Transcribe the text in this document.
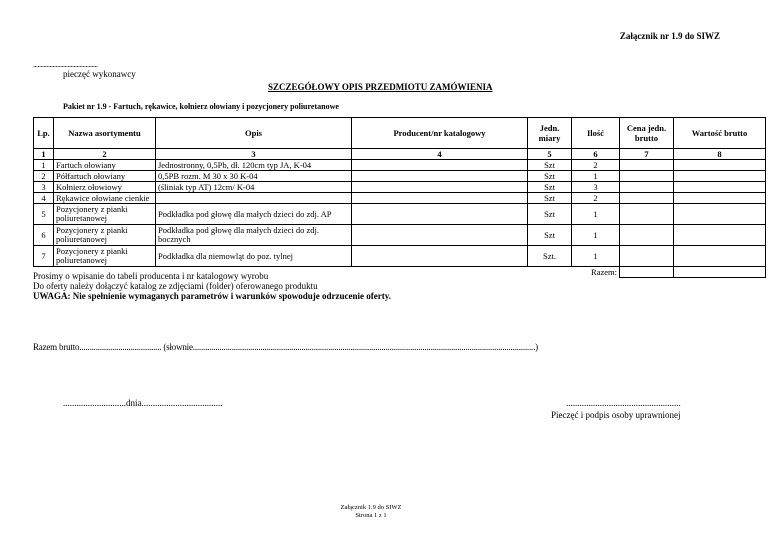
Załącznik nr 1.9 do SIWZ
...........................................
pieczęć wykonawcy
SZCZEGÓŁOWY OPIS PRZEDMIOTU ZAMÓWIENIA
Pakiet nr 1.9 - Fartuch, rękawice, kołnierz ołowiany i pozycjonery poliuretanowe
Lp.	Nazwa asortymentu	Opis	Producent/nr katalogowy	Jedn. miary	Ilość	Cena jedn. brutto	Wartość brutto
1	2	3	4	5	6	7	8
1	Fartuch ołowiany	Jednostronny, 0,5Pb, dł. 120cm typ JA, K-04		Szt	2		
2	Półfartuch ołowiany	0,5PB rozm. M 30 x 30 K-04		Szt	1		
3	Kołnierz ołowiowy	(śliniak typ AT) 12cm/ K-04		Szt	3		
4	Rękawice ołowiane cienkie			Szt	2		
5	Pozycjonery z pianki poliuretanowej	Podkładka pod głowę dla małych dzieci do zdj. AP		Szt	1		
6	Pozycjonery z pianki poliuretanowej	Podkładka pod głowę dla małych dzieci do zdj. bocznych		Szt	1		
7	Pozycjonery z pianki poliuretanowej	Podkładka dla niemowląt do poz. tylnej		Szt.	1		
Razem:							
Prosimy o wpisanie do tabeli producenta i nr katalogowy wyrobu
Do oferty należy dołączyć katalog ze zdjęciami (folder) oferowanego produktu
UWAGA: Nie spełnienie wymaganych parametrów i warunków spowoduje odrzucenie oferty.
Razem brutto........................................ (słownie.......................................................................................................................................................................)
............................dnia....................................	...................................................
Pieczęć i podpis osoby uprawnionej
Załącznik 1.9 do SIWZ
Strona 1 z 1
